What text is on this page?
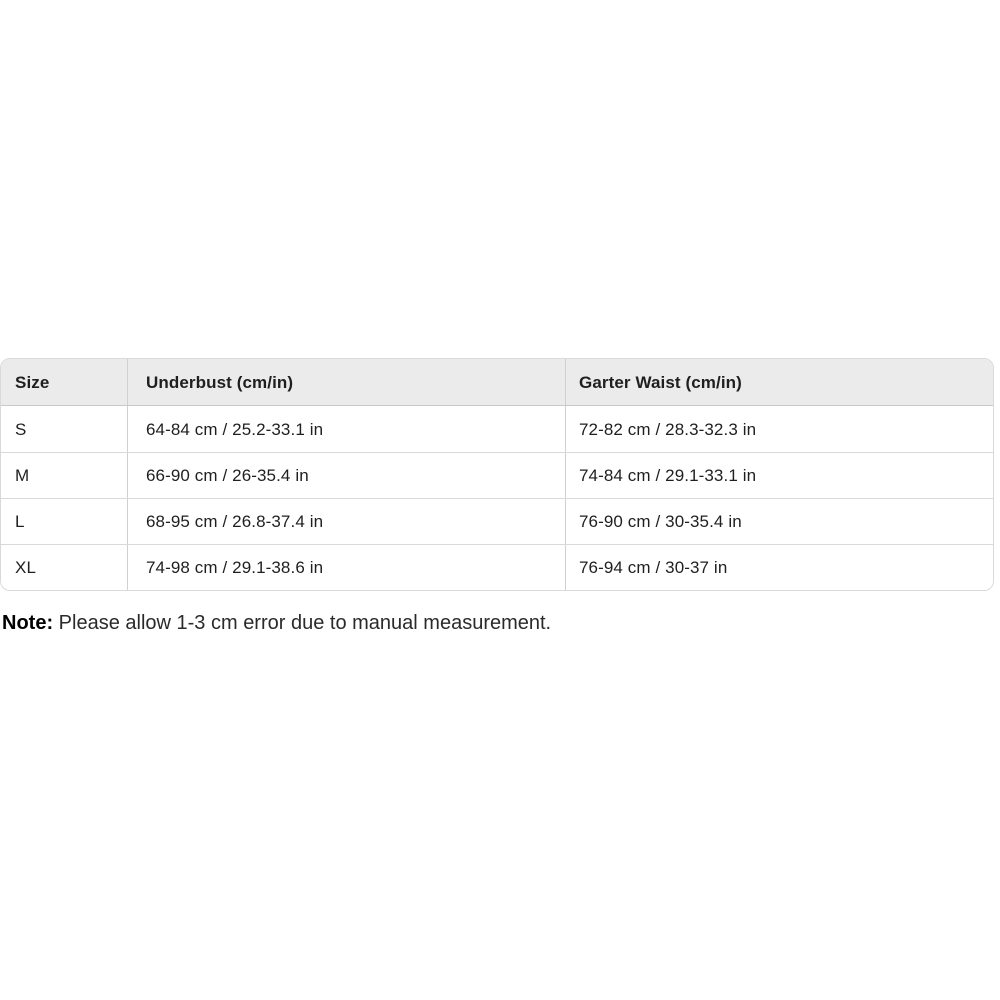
Size	Underbust (cm/in)	Garter Waist (cm/in)
S	64-84 cm / 25.2-33.1 in	72-82 cm / 28.3-32.3 in
M	66-90 cm / 26-35.4 in	74-84 cm / 29.1-33.1 in
L	68-95 cm / 26.8-37.4 in	76-90 cm / 30-35.4 in
XL	74-98 cm / 29.1-38.6 in	76-94 cm / 30-37 in

Note: Please allow 1-3 cm error due to manual measurement.
